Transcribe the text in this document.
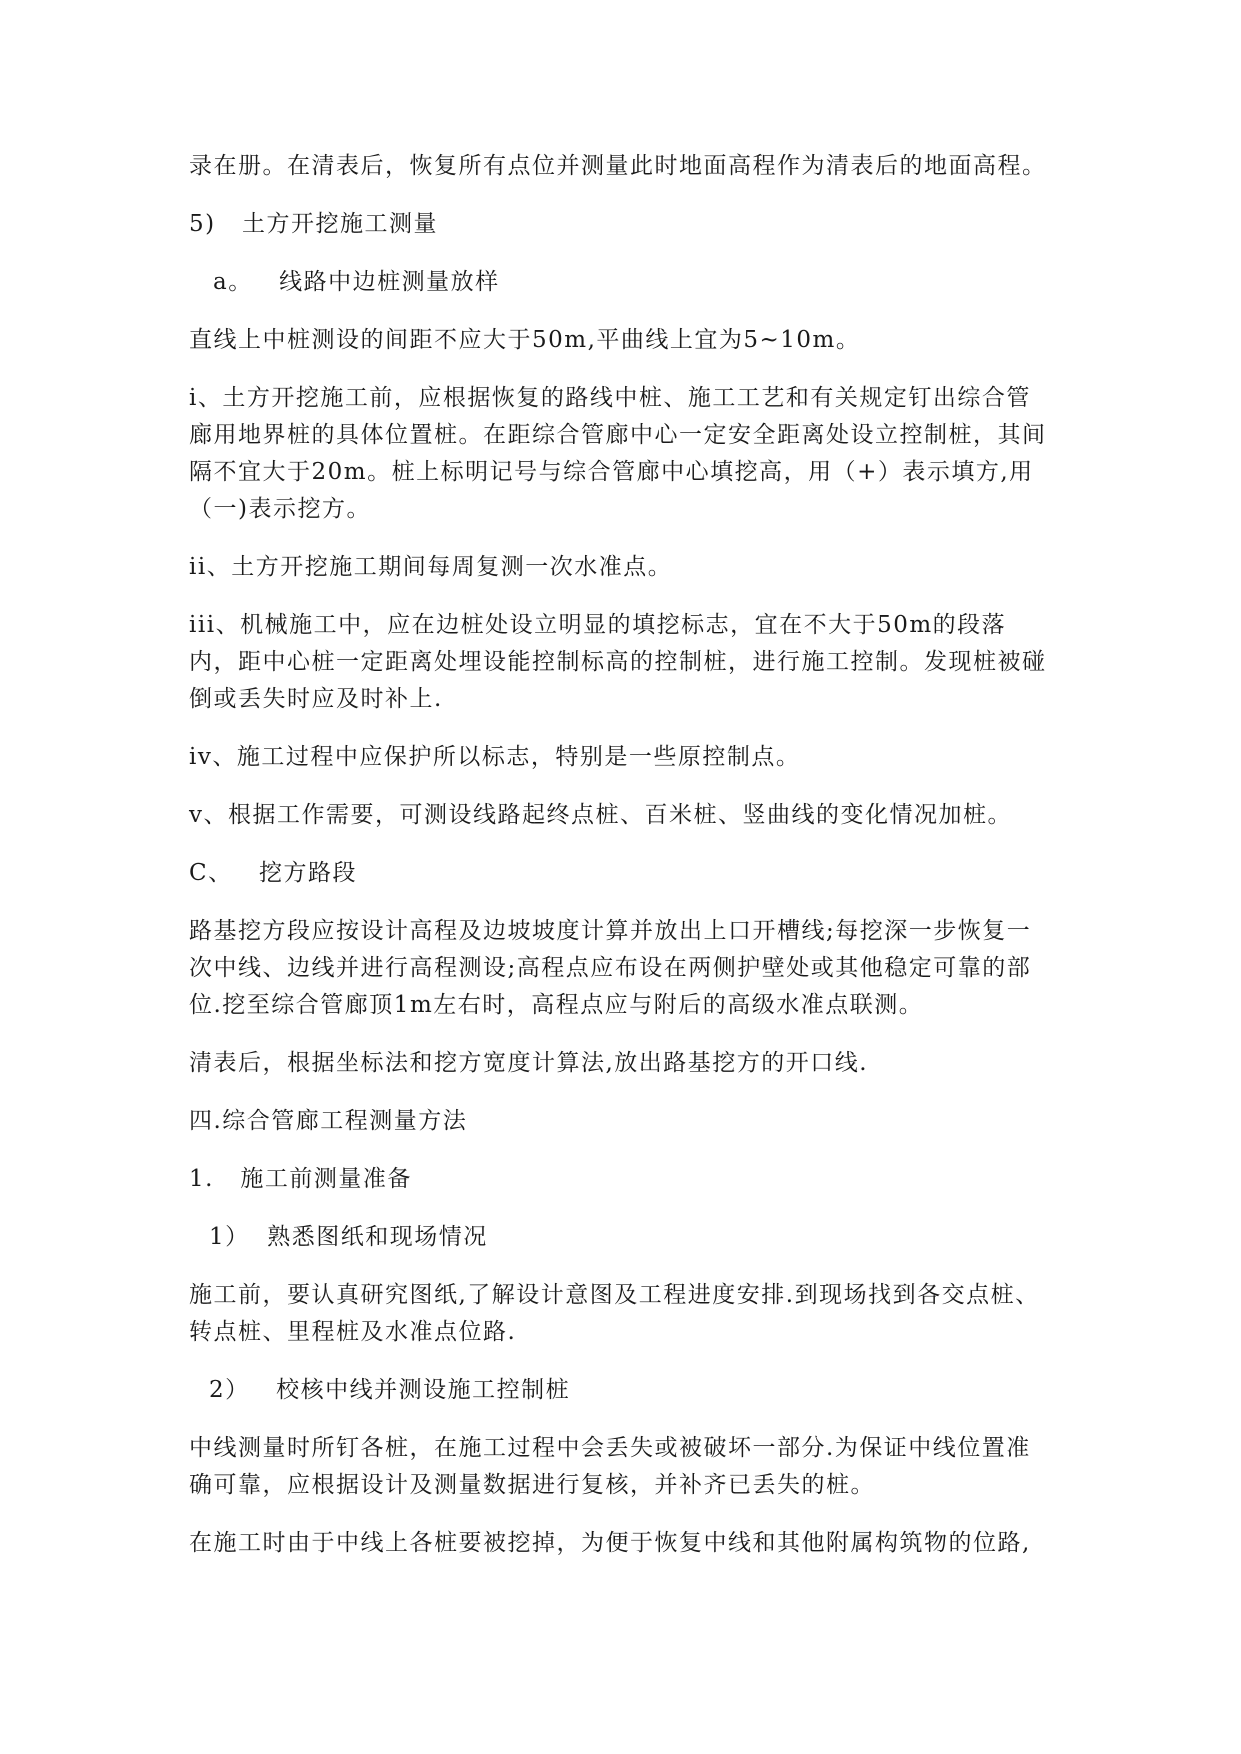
录在册。在清表后，恢复所有点位并测量此时地面高程作为清表后的地面高程。

5)   土方开挖施工测量

a。   线路中边桩测量放样

直线上中桩测设的间距不应大于50m,平曲线上宜为5~10m。

i、土方开挖施工前，应根据恢复的路线中桩、施工工艺和有关规定钉出综合管廊用地界桩的具体位置桩。在距综合管廊中心一定安全距离处设立控制桩，其间隔不宜大于20m。桩上标明记号与综合管廊中心填挖高，用（+）表示填方,用（一)表示挖方。

ii、土方开挖施工期间每周复测一次水准点。

iii、机械施工中，应在边桩处设立明显的填挖标志，宜在不大于50m的段落内，距中心桩一定距离处埋设能控制标高的控制桩，进行施工控制。发现桩被碰倒或丢失时应及时补上.

iv、施工过程中应保护所以标志，特别是一些原控制点。

v、根据工作需要，可测设线路起终点桩、百米桩、竖曲线的变化情况加桩。

C、   挖方路段

路基挖方段应按设计高程及边坡坡度计算并放出上口开槽线;每挖深一步恢复一次中线、边线并进行高程测设;高程点应布设在两侧护壁处或其他稳定可靠的部位.挖至综合管廊顶1m左右时，高程点应与附后的高级水准点联测。

清表后，根据坐标法和挖方宽度计算法,放出路基挖方的开口线.

四.综合管廊工程测量方法

1.   施工前测量准备

1）  熟悉图纸和现场情况

施工前，要认真研究图纸,了解设计意图及工程进度安排.到现场找到各交点桩、转点桩、里程桩及水准点位路.

2）   校核中线并测设施工控制桩

中线测量时所钉各桩，在施工过程中会丢失或被破坏一部分.为保证中线位置准确可靠，应根据设计及测量数据进行复核，并补齐已丢失的桩。

在施工时由于中线上各桩要被挖掉，为便于恢复中线和其他附属构筑物的位路,
